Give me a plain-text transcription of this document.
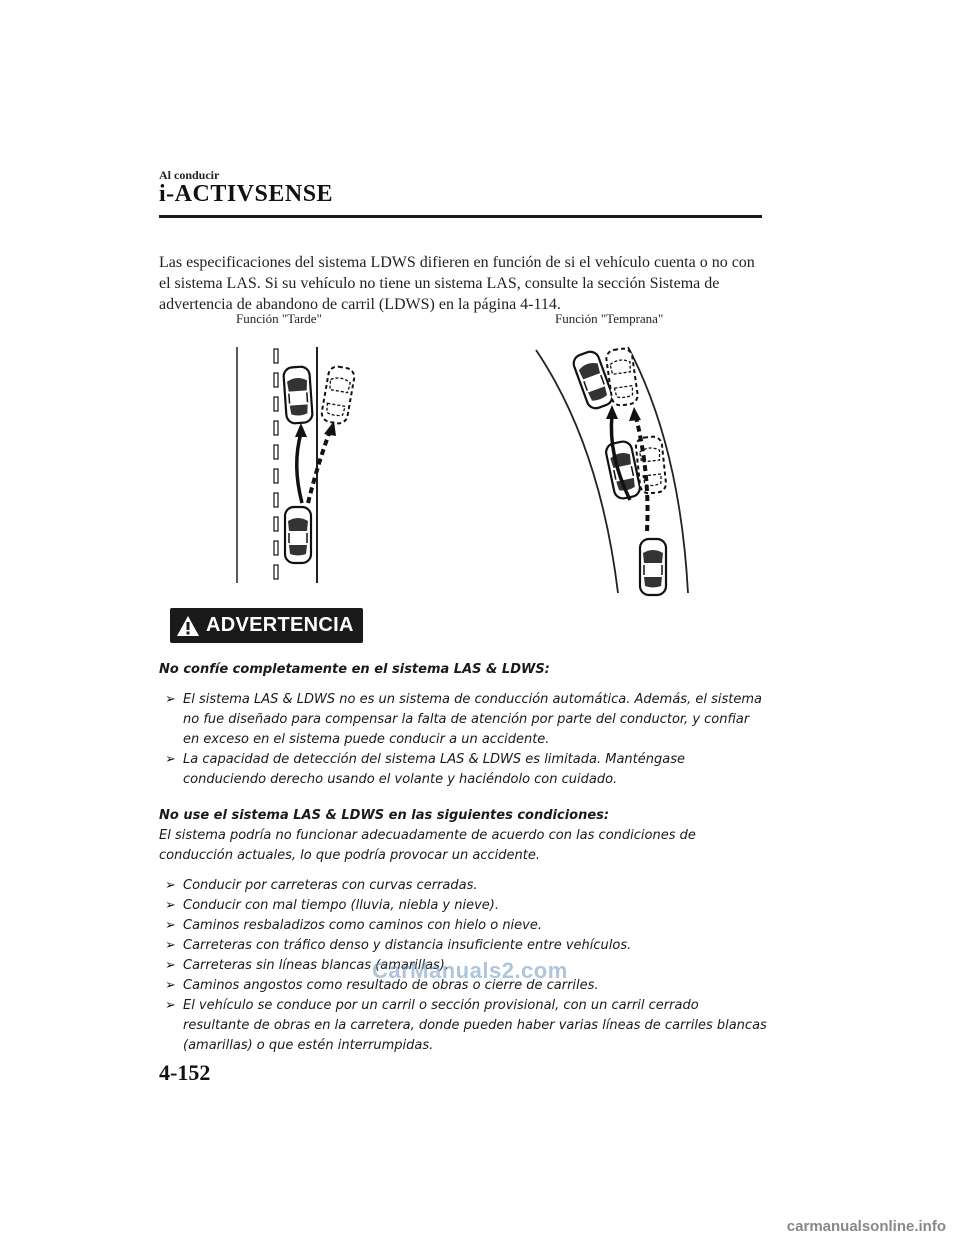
Al conducir
i-ACTIVSENSE
Las especificaciones del sistema LDWS difieren en función de si el vehículo cuenta o no con el sistema LAS. Si su vehículo no tiene un sistema LAS, consulte la sección Sistema de advertencia de abandono de carril (LDWS) en la página 4-114.
Función "Tarde"	Función "Temprana"
ADVERTENCIA

No confíe completamente en el sistema LAS & LDWS:

➢ El sistema LAS & LDWS no es un sistema de conducción automática. Además, el sistema no fue diseñado para compensar la falta de atención por parte del conductor, y confiar en exceso en el sistema puede conducir a un accidente.
➢ La capacidad de detección del sistema LAS & LDWS es limitada. Manténgase conduciendo derecho usando el volante y haciéndolo con cuidado.

No use el sistema LAS & LDWS en las siguientes condiciones:

El sistema podría no funcionar adecuadamente de acuerdo con las condiciones de conducción actuales, lo que podría provocar un accidente.

➢ Conducir por carreteras con curvas cerradas.
➢ Conducir con mal tiempo (lluvia, niebla y nieve).
➢ Caminos resbaladizos como caminos con hielo o nieve.
➢ Carreteras con tráfico denso y distancia insuficiente entre vehículos.
➢ Carreteras sin líneas blancas (amarillas).
➢ Caminos angostos como resultado de obras o cierre de carriles.
➢ El vehículo se conduce por un carril o sección provisional, con un carril cerrado resultante de obras en la carretera, donde pueden haber varias líneas de carriles blancas (amarillas) o que estén interrumpidas.
CarManuals2.com
4-152
carmanualsonline.info
